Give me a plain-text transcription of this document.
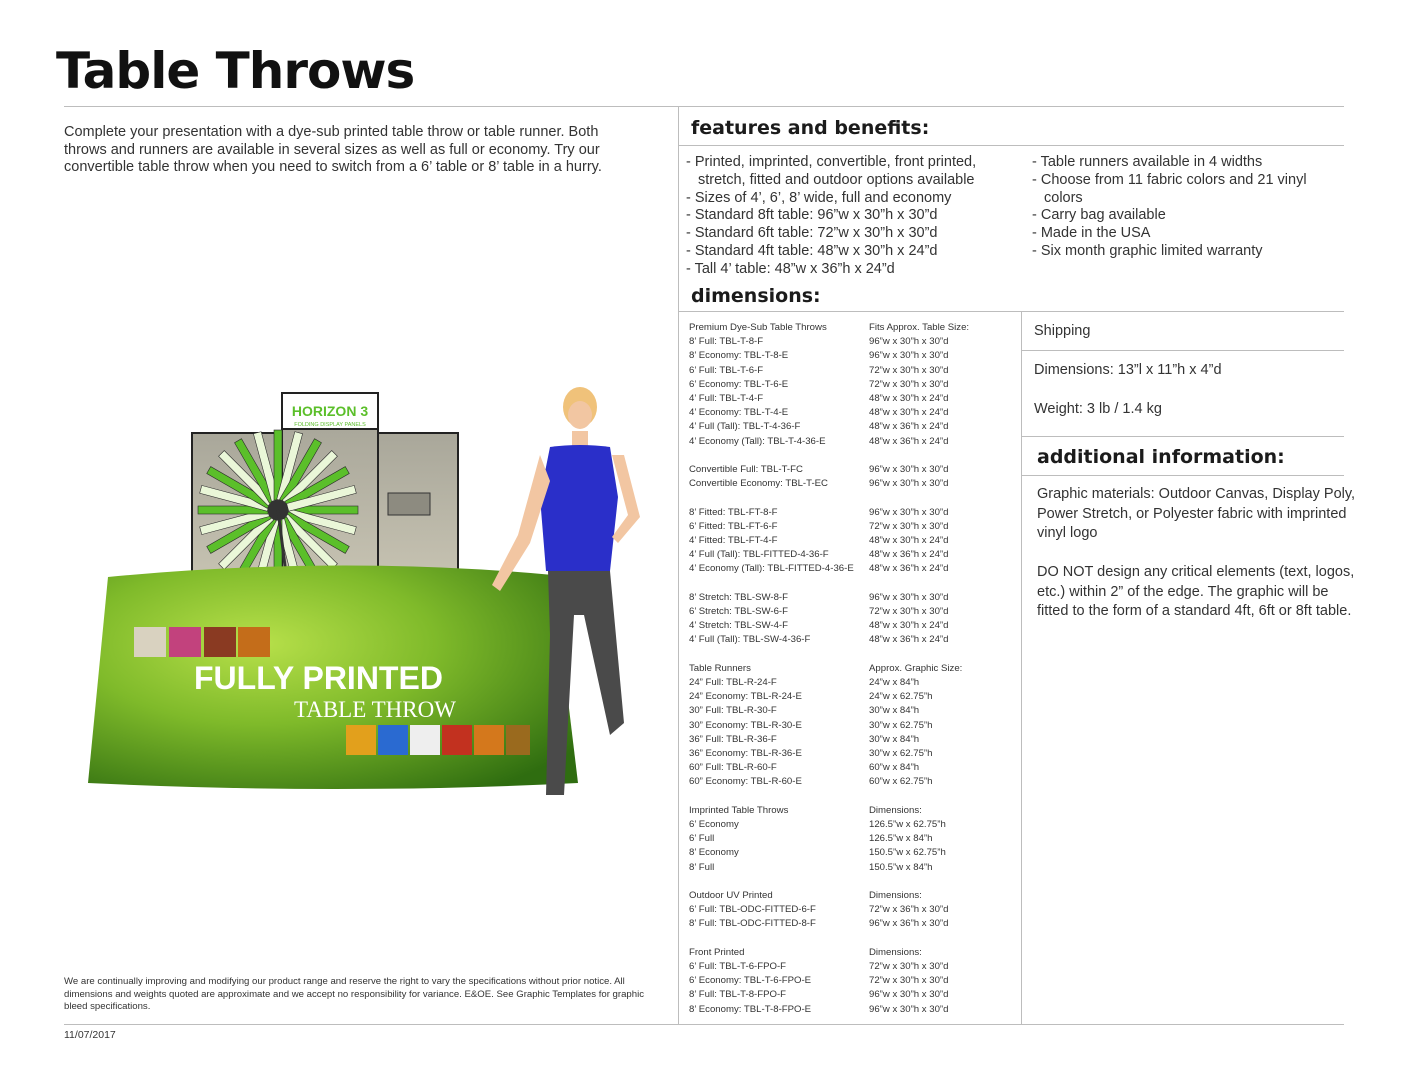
Table Throws
Complete your presentation with a dye-sub printed table throw or table runner. Both throws and runners are available in several sizes as well as full or economy. Try our convertible table throw when you need to switch from a 6’ table or 8’ table in a hurry.
features and benefits:
- Printed, imprinted, convertible, front printed, stretch, fitted and outdoor options available
- Sizes of 4’, 6’, 8’ wide, full and economy
- Standard 8ft table: 96”w x 30”h x 30”d
- Standard 6ft table: 72”w x 30”h x 30”d
- Standard 4ft table: 48”w x 30”h x 24”d
- Tall 4’ table: 48”w x 36”h x 24”d
- Table runners available in 4 widths
- Choose from 11 fabric colors and 21 vinyl colors
- Carry bag available
- Made in the USA
- Six month graphic limited warranty
dimensions:
Premium Dye-Sub Table Throws	Fits Approx. Table Size:
8’ Full: TBL-T-8-F	96”w x 30”h x 30”d
8’ Economy: TBL-T-8-E	96”w x 30”h x 30”d
6’ Full: TBL-T-6-F	72”w x 30”h x 30”d
6’ Economy: TBL-T-6-E	72”w x 30”h x 30”d
4’ Full: TBL-T-4-F	48”w x 30”h x 24”d
4’ Economy: TBL-T-4-E	48”w x 30”h x 24”d
4’ Full (Tall): TBL-T-4-36-F	48”w x 36”h x 24”d
4’ Economy (Tall): TBL-T-4-36-E	48”w x 36”h x 24”d
Convertible Full: TBL-T-FC	96”w x 30”h x 30”d
Convertible Economy: TBL-T-EC	96”w x 30”h x 30”d
8’ Fitted: TBL-FT-8-F	96”w x 30”h x 30”d
6’ Fitted: TBL-FT-6-F	72”w x 30”h x 30”d
4’ Fitted: TBL-FT-4-F	48”w x 30”h x 24”d
4’ Full (Tall): TBL-FITTED-4-36-F	48”w x 36”h x 24”d
4’ Economy (Tall): TBL-FITTED-4-36-E	48”w x 36”h x 24”d
8’ Stretch: TBL-SW-8-F	96”w x 30”h x 30”d
6’ Stretch: TBL-SW-6-F	72”w x 30”h x 30”d
4’ Stretch: TBL-SW-4-F	48”w x 30”h x 24”d
4’ Full (Tall): TBL-SW-4-36-F	48”w x 36”h x 24”d
Table Runners	Approx. Graphic Size:
24” Full: TBL-R-24-F	24”w x 84”h
24” Economy: TBL-R-24-E	24”w x 62.75”h
30” Full: TBL-R-30-F	30”w x 84”h
30” Economy: TBL-R-30-E	30”w x 62.75”h
36” Full: TBL-R-36-F	30”w x 84”h
36” Economy: TBL-R-36-E	30”w x 62.75”h
60” Full: TBL-R-60-F	60”w x 84”h
60” Economy: TBL-R-60-E	60”w x 62.75”h
Imprinted Table Throws	Dimensions:
6’ Economy	126.5”w x 62.75”h
6’ Full	126.5”w x 84”h
8’ Economy	150.5”w x 62.75”h
8’ Full	150.5”w x 84”h
Outdoor UV Printed	Dimensions:
6’ Full: TBL-ODC-FITTED-6-F	72”w x 36”h x 30”d
8’ Full: TBL-ODC-FITTED-8-F	96”w x 36”h x 30”d
Front Printed	Dimensions:
6’ Full: TBL-T-6-FPO-F	72”w x 30”h x 30”d
6’ Economy: TBL-T-6-FPO-E	72”w x 30”h x 30”d
8’ Full: TBL-T-8-FPO-F	96”w x 30”h x 30”d
8’ Economy: TBL-T-8-FPO-E	96”w x 30”h x 30”d
Shipping
Dimensions: 13”l x 11”h x 4”d
Weight: 3 lb / 1.4 kg
additional information:

Graphic materials: Outdoor Canvas, Display Poly, Power Stretch, or Polyester fabric with imprinted vinyl logo

DO NOT design any critical elements (text, logos, etc.) within 2” of the edge. The graphic will be fitted to the form of a standard 4ft, 6ft or 8ft table.

HORIZON 3
FOLDING DISPLAY PANELS
FULLY PRINTED
TABLE THROW
We are continually improving and modifying our product range and reserve the right to vary the specifications without prior notice. All dimensions and weights quoted are approximate and we accept no responsibility for variance. E&OE. See Graphic Templates for graphic bleed specifications.
11/07/2017
